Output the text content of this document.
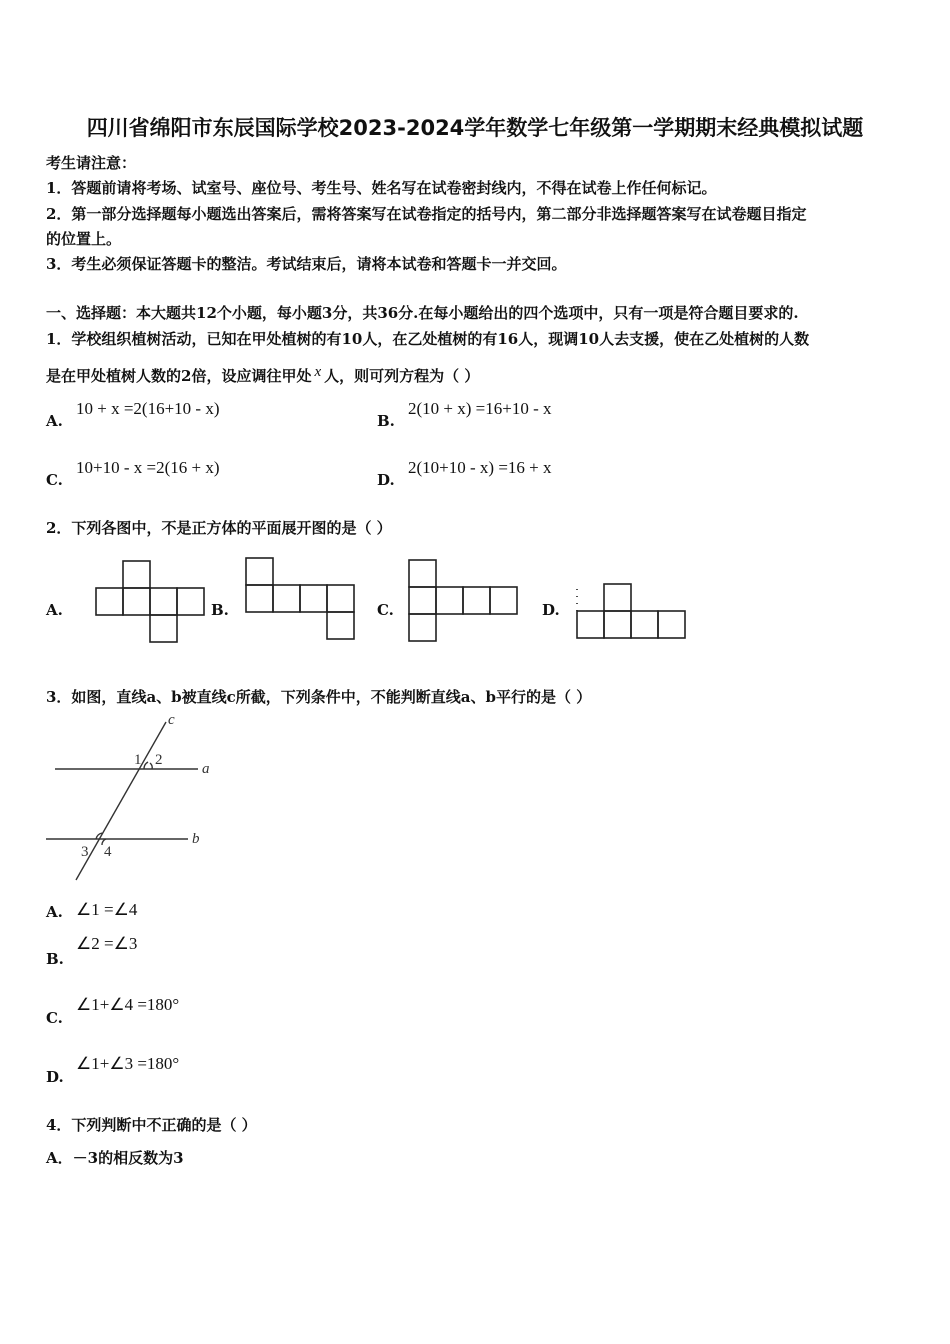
四川省绵阳市东辰国际学校2023-2024学年数学七年级第一学期期末经典模拟试题
考生请注意：
1．答题前请将考场、试室号、座位号、考生号、姓名写在试卷密封线内，不得在试卷上作任何标记。
2．第一部分选择题每小题选出答案后，需将答案写在试卷指定的括号内，第二部分非选择题答案写在试卷题目指定
的位置上。
3．考生必须保证答题卡的整洁。考试结束后，请将本试卷和答题卡一并交回。
一、选择题：本大题共12个小题，每小题3分，共36分.在每小题给出的四个选项中，只有一项是符合题目要求的.
1．学校组织植树活动，已知在甲处植树的有10人，在乙处植树的有16人，现调10人去支援，使在乙处植树的人数
是在甲处植树人数的2倍，设应调往甲处 x 人，则可列方程为（ ）
A.
10 + x =2(16+10 - x)
B.
2(10 + x) =16+10 - x
C.
10+10 - x =2(16 + x)
D.
2(10+10 - x) =16 + x
2．下列各图中，不是正方体的平面展开图的是（ ）
A.	B.	C.	D.
3．如图，直线a、b被直线c所截，下列条件中，不能判断直线a、b平行的是（ ）
c
a
b
1 2
3 4
A. ∠1 =∠4
B.
∠2 =∠3
C.
∠1+∠4 =180°
D.
∠1+∠3 =180°
4．下列判断中不正确的是（ ）
A．－3的相反数为3
